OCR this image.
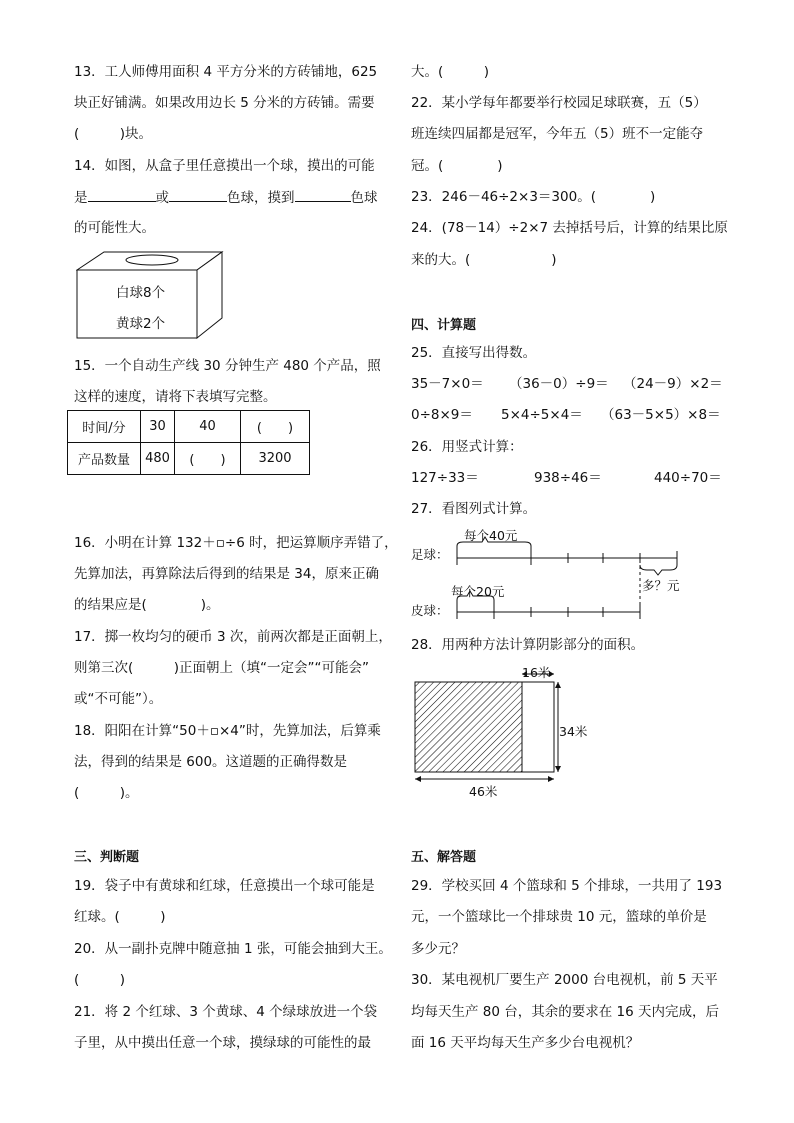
13．工人师傅用面积 4 平方分米的方砖铺地，625
块正好铺满。如果改用边长 5 分米的方砖铺。需要
(　　　)块。
14．如图，从盒子里任意摸出一个球，摸出的可能
是	或	色球，摸到	色球
的可能性大。
白球8个
黄球2个
15．一个自动生产线 30 分钟生产 480 个产品，照
这样的速度，请将下表填写完整。
时间/分	30	40	(　　)
产品数量	480	(　　)	3200
16．小明在计算 132＋▫÷6 时，把运算顺序弄错了，
先算加法，再算除法后得到的结果是 34，原来正确
的结果应是(　　　　)。
17．掷一枚均匀的硬币 3 次，前两次都是正面朝上，
则第三次(　　　)正面朝上（填“一定会”“可能会”
或“不可能”）。
18．阳阳在计算“50＋▫×4”时，先算加法，后算乘
法，得到的结果是 600。这道题的正确得数是
(　　　)。
三、判断题
19．袋子中有黄球和红球，任意摸出一个球可能是
红球。(　　　)
20．从一副扑克牌中随意抽 1 张，可能会抽到大王。
(　　　)
21．将 2 个红球、3 个黄球、4 个绿球放进一个袋
子里，从中摸出任意一个球，摸绿球的可能性的最
大。(　　　)
22．某小学每年都要举行校园足球联赛，五（5）
班连续四届都是冠军，今年五（5）班不一定能夺
冠。(　　　　)
23．246－46÷2×3＝300。(　　　　)
24．(78－14）÷2×7 去掉括号后，计算的结果比原
来的大。(　　　　　　)
四、计算题
25．直接写出得数。
35－7×0＝ （36－0）÷9＝ （24－9）×2＝
0÷8×9＝ 5×4÷5×4＝ （63－5×5）×8＝
26．用竖式计算：
127÷33＝	938÷46＝	440÷70＝
27．看图列式计算。
足球：
每个40元
皮球：
每个20元	多？元
28．用两种方法计算阴影部分的面积。
16米
34米
46米
五、解答题
29．学校买回 4 个篮球和 5 个排球，一共用了 193
元，一个篮球比一个排球贵 10 元，篮球的单价是
多少元？
30．某电视机厂要生产 2000 台电视机，前 5 天平
均每天生产 80 台，其余的要求在 16 天内完成，后
面 16 天平均每天生产多少台电视机？
